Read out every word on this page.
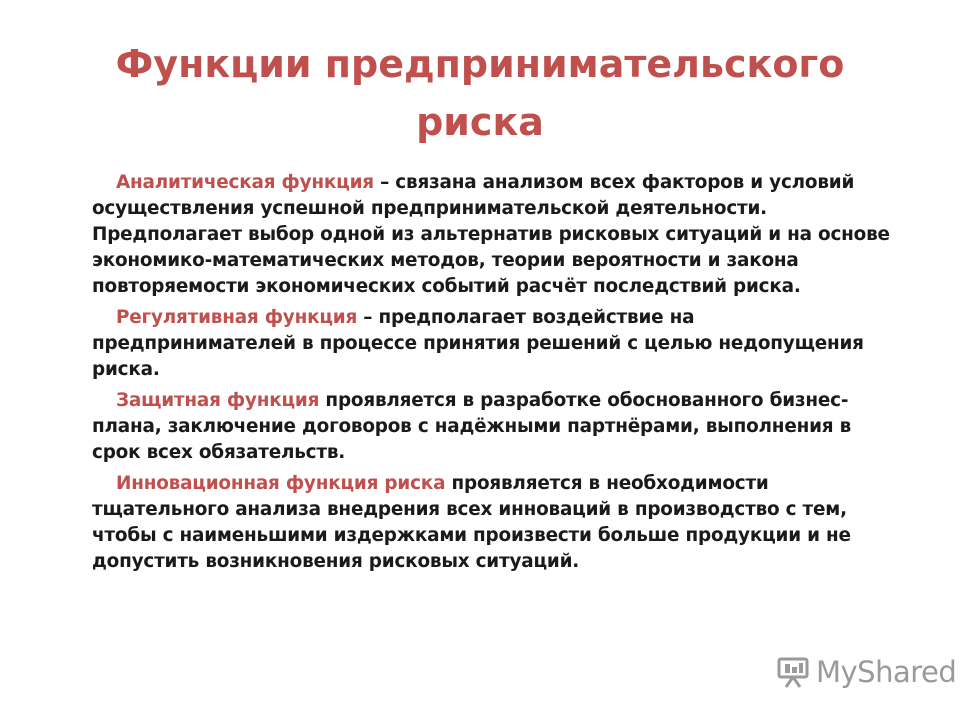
Функции предпринимательского
риска

Аналитическая функция – связана анализом всех факторов и условий осуществления успешной предпринимательской деятельности. Предполагает выбор одной из альтернатив рисковых ситуаций и на основе экономико-математических методов, теории вероятности и закона повторяемости экономических событий расчёт последствий риска.

Регулятивная функция – предполагает воздействие на предпринимателей в процессе принятия решений с целью недопущения риска.

Защитная функция проявляется в разработке обоснованного бизнес-плана, заключение договоров с надёжными партнёрами, выполнения в срок всех обязательств.

Инновационная функция риска проявляется в необходимости тщательного анализа внедрения всех инноваций в производство с тем, чтобы с наименьшими издержками произвести больше продукции и не допустить возникновения рисковых ситуаций.

MyShared
